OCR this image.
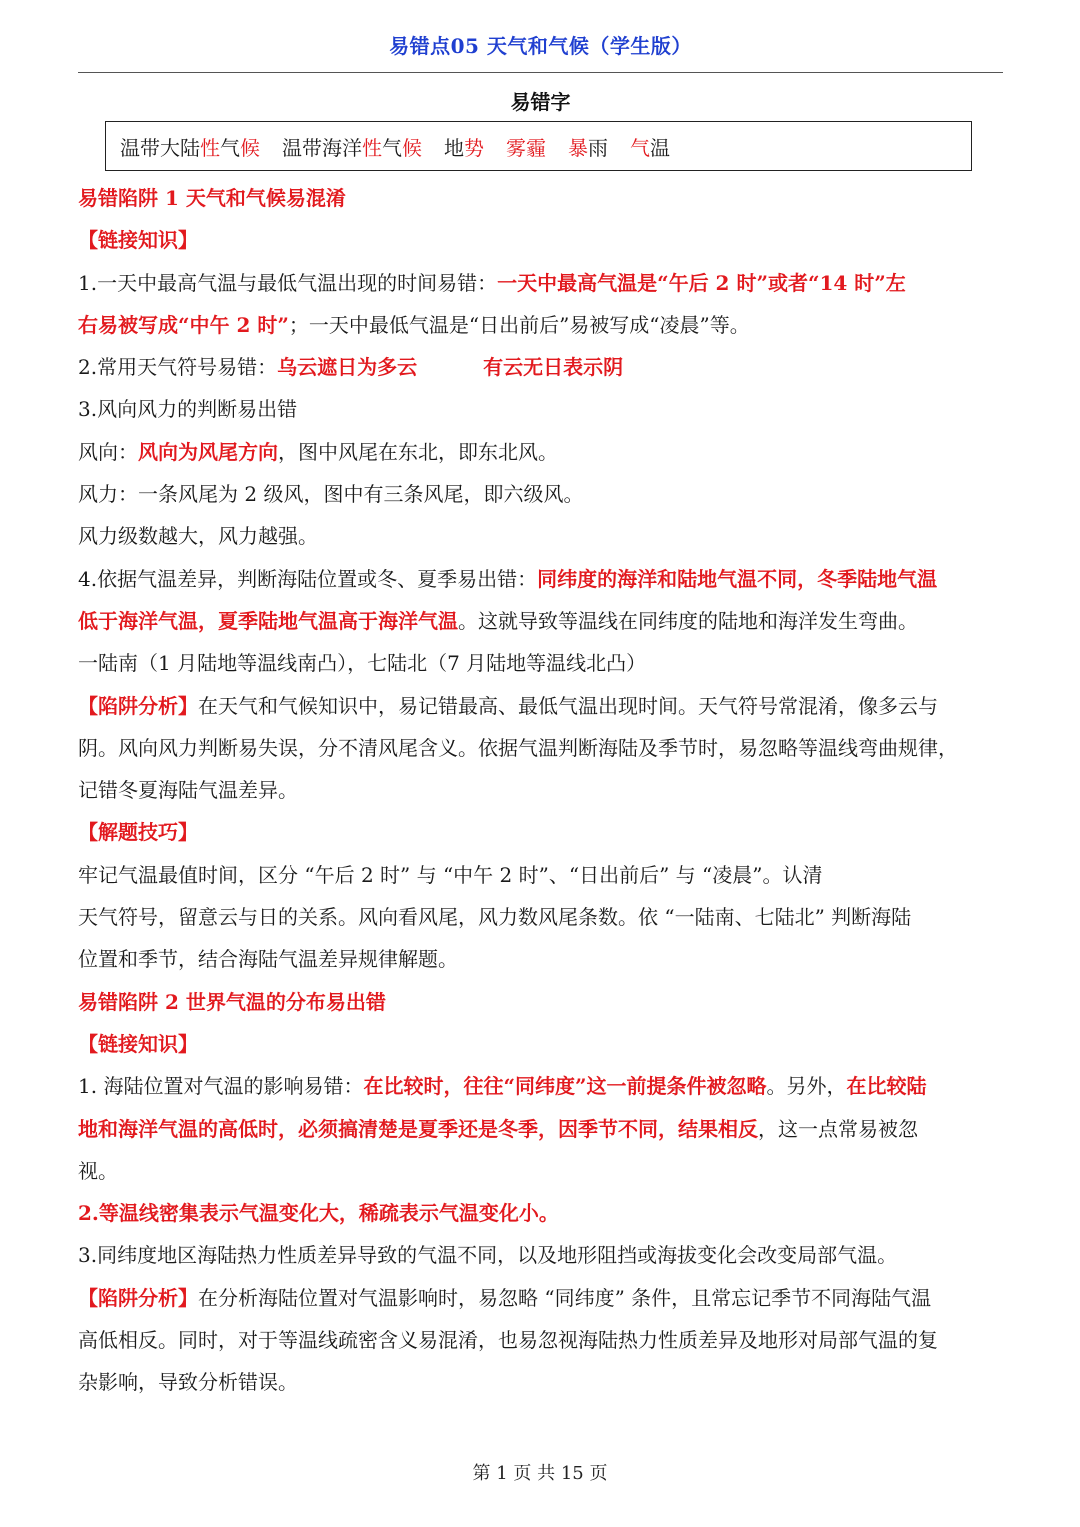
易错点05 天气和气候（学生版）
易错字
温带大陆性气候 温带海洋性气候 地势 雾霾 暴雨 气温
易错陷阱 1 天气和气候易混淆
【链接知识】
1.一天中最高气温与最低气温出现的时间易错：一天中最高气温是“午后 2 时”或者“14 时”左
右易被写成“中午 2 时”；一天中最低气温是“日出前后”易被写成“凌晨”等。
2.常用天气符号易错：乌云遮日为多云	有云无日表示阴
3.风向风力的判断易出错
风向：风向为风尾方向，图中风尾在东北，即东北风。
风力：一条风尾为 2 级风，图中有三条风尾，即六级风。
风力级数越大，风力越强。
4.依据气温差异，判断海陆位置或冬、夏季易出错：同纬度的海洋和陆地气温不同，冬季陆地气温
低于海洋气温，夏季陆地气温高于海洋气温。这就导致等温线在同纬度的陆地和海洋发生弯曲。
一陆南（1 月陆地等温线南凸），七陆北（7 月陆地等温线北凸）
【陷阱分析】在天气和气候知识中，易记错最高、最低气温出现时间。天气符号常混淆，像多云与
阴。风向风力判断易失误，分不清风尾含义。依据气温判断海陆及季节时，易忽略等温线弯曲规律，
记错冬夏海陆气温差异。
【解题技巧】
牢记气温最值时间，区分 “午后 2 时” 与 “中午 2 时”、“日出前后” 与 “凌晨”。认清
天气符号，留意云与日的关系。风向看风尾，风力数风尾条数。依 “一陆南、七陆北” 判断海陆
位置和季节，结合海陆气温差异规律解题。
易错陷阱 2 世界气温的分布易出错
【链接知识】
1. 海陆位置对气温的影响易错：在比较时，往往“同纬度”这一前提条件被忽略。另外，在比较陆
地和海洋气温的高低时，必须搞清楚是夏季还是冬季，因季节不同，结果相反，这一点常易被忽
视。
2.等温线密集表示气温变化大，稀疏表示气温变化小。
3.同纬度地区海陆热力性质差异导致的气温不同，以及地形阻挡或海拔变化会改变局部气温。
【陷阱分析】在分析海陆位置对气温影响时，易忽略 “同纬度” 条件，且常忘记季节不同海陆气温
高低相反。同时，对于等温线疏密含义易混淆，也易忽视海陆热力性质差异及地形对局部气温的复
杂影响，导致分析错误。
第 1 页 共 15 页
